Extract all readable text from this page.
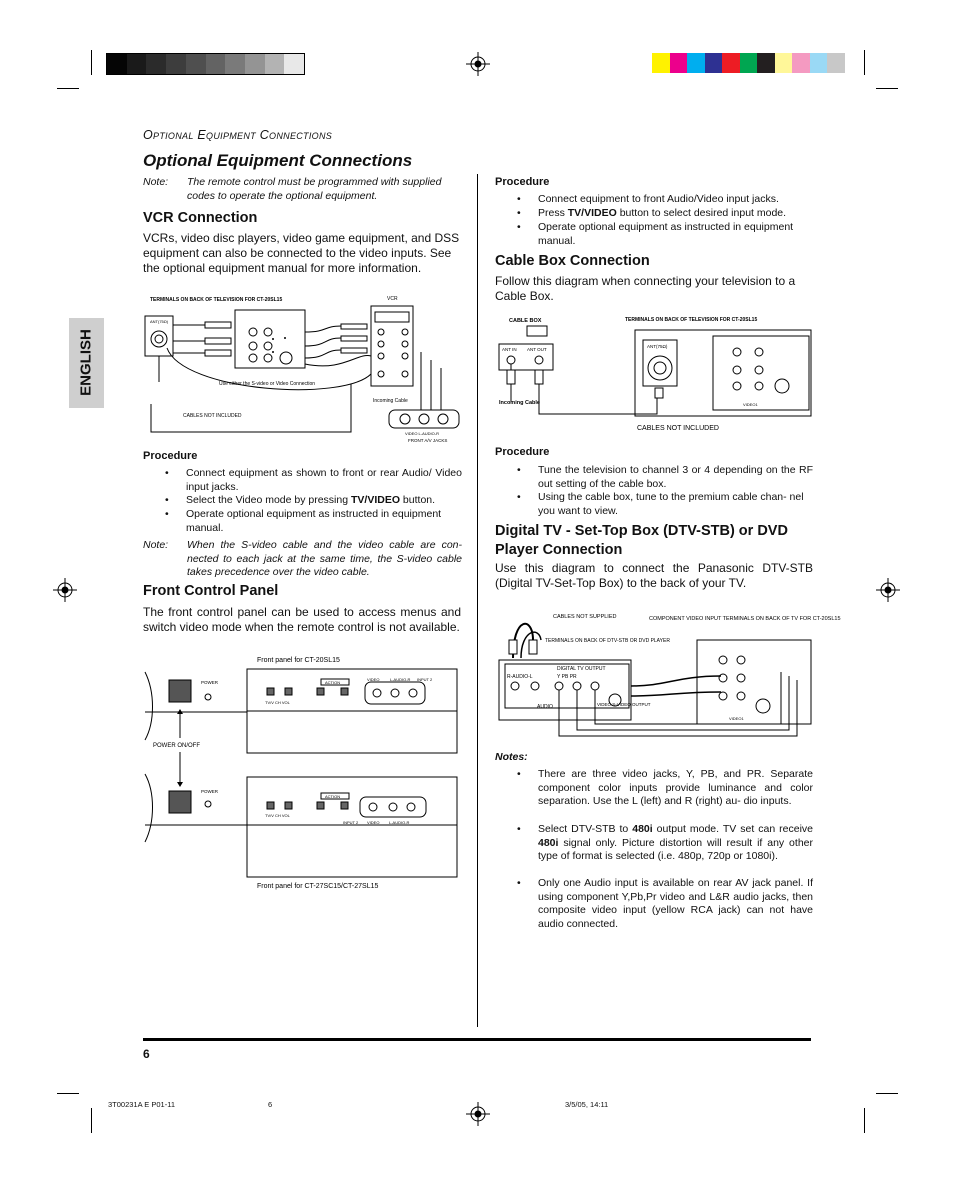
ENGLISH
Optional Equipment Connections
Optional Equipment Connections
Note: The remote control must be programmed with supplied codes to operate the optional equipment.
VCR Connection
VCRs, video disc players, video game equipment, and DSS equipment can also be connected to the video inputs. See the optional equipment manual for more information.
TERMINALS ON BACK OF TELEVISION FOR CT-20SL15	VCR
ANT(75Ω)
Use either the S-video or Video Connection
CABLES NOT INCLUDED
Incoming Cable
VIDEO L-AUDIO-R
FRONT A/V JACKS
Procedure
• Connect equipment as shown to front or rear Audio/ Video input jacks.
• Select the Video mode by pressing TV/VIDEO button.
• Operate optional equipment as instructed in equipment manual.
Note: When the S-video cable and the video cable are con- nected to each jack at the same time, the S-video cable takes precedence over the video cable.
Front Control Panel
The front control panel can be used to access menus and switch video mode when the remote control is not available.
Front panel for CT-20SL15
POWER	ACTION
TV/V CH VOL
VIDEO	L-AUDIO-R INPUT 2
POWER ON/OFF
POWER
ACTION
TV/V CH VOL
INPUT 2 VIDEO L-AUDIO-R
Front panel for CT-27SC15/CT-27SL15
Procedure
• Connect equipment to front Audio/Video input jacks.
• Press TV/VIDEO button to select desired input mode.
• Operate optional equipment as instructed in equipment manual.
Cable Box Connection
Follow this diagram when connecting your television to a Cable Box.
CABLE BOX	TERMINALS ON BACK OF TELEVISION FOR CT-20SL15
ANT IN ANT OUT
Incoming Cable
ANT(75Ω)
VIDEO1
CABLES NOT INCLUDED
Procedure
• Tune the television to channel 3 or 4 depending on the RF out setting of the cable box.
• Using the cable box, tune to the premium cable chan- nel you want to view.
Digital TV - Set-Top Box (DTV-STB) or DVD
Player Connection
Use this diagram to connect the Panasonic DTV-STB (Digital TV-Set-Top Box) to the back of your TV.
CABLES NOT SUPPLIED	COMPONENT VIDEO INPUT TERMINALS ON BACK OF TV FOR CT-20SL15
TERMINALS ON BACK OF DTV-STB OR DVD PLAYER
DIGITAL TV OUTPUT
R-AUDIO-L	Y PB PR
AUDIO	VIDEO S-VIDEO OUTPUT
VIDEO1
Notes:
• There are three video jacks, Y, PB, and PR. Separate component color inputs provide luminance and color separation. Use the L (left) and R (right) au- dio inputs.
• Select DTV-STB to 480i output mode. TV set can receive 480i signal only. Picture distortion will result if any other type of format is selected (i.e. 480p, 720p or 1080i).
• Only one Audio input is available on rear AV jack panel. If using component Y,Pb,Pr video and L&R audio jacks, then composite video input (yellow RCA jack) can not have audio connected.
6
3T00231A E P01-11	6	3/5/05, 14:11
